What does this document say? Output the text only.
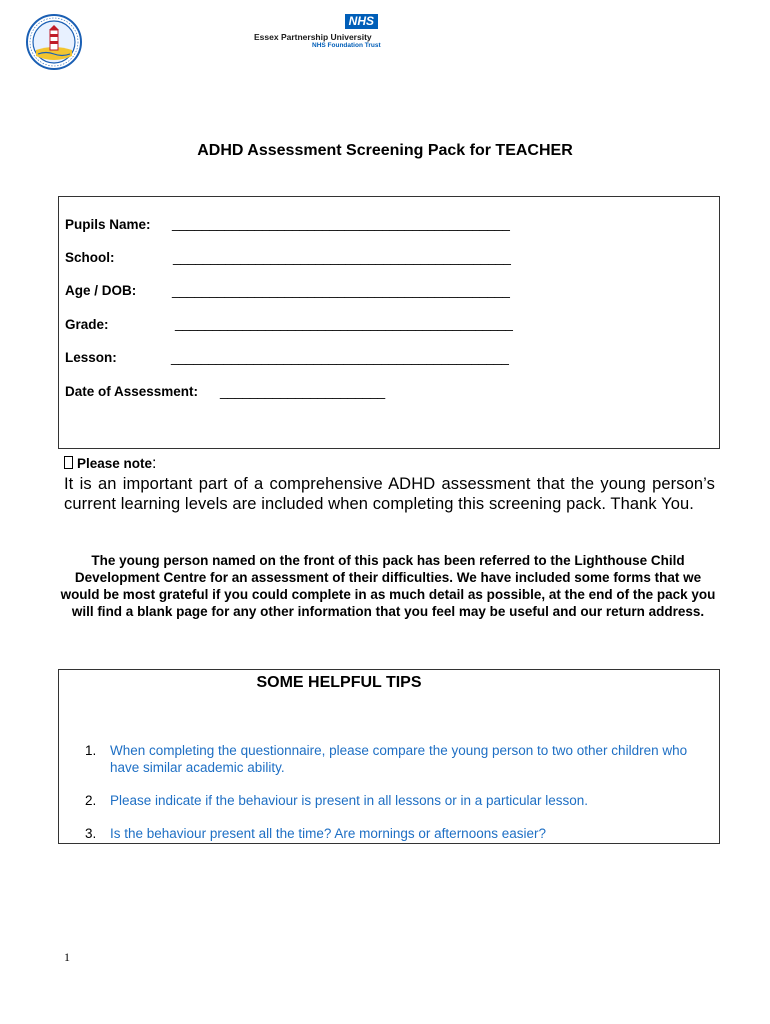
NHS
Essex Partnership University
NHS Foundation Trust
ADHD Assessment Screening Pack for TEACHER
Pupils Name: _____________________________________________
School:	_____________________________________________
Age / DOB:	_____________________________________________
Grade:	_____________________________________________
Lesson:	_____________________________________________
Date of Assessment: ______________________
Please note:
It is an important part of a comprehensive ADHD assessment that the young person’s current learning levels are included when completing this screening pack. Thank You.
The young person named on the front of this pack has been referred to the Lighthouse Child Development Centre for an assessment of their difficulties. We have included some forms that we would be most grateful if you could complete in as much detail as possible, at the end of the pack you will find a blank page for any other information that you feel may be useful and our return address.
SOME HELPFUL TIPS
1. When completing the questionnaire, please compare the young person to two other children who have similar academic ability.
2. Please indicate if the behaviour is present in all lessons or in a particular lesson.
3. Is the behaviour present all the time? Are mornings or afternoons easier?
1
